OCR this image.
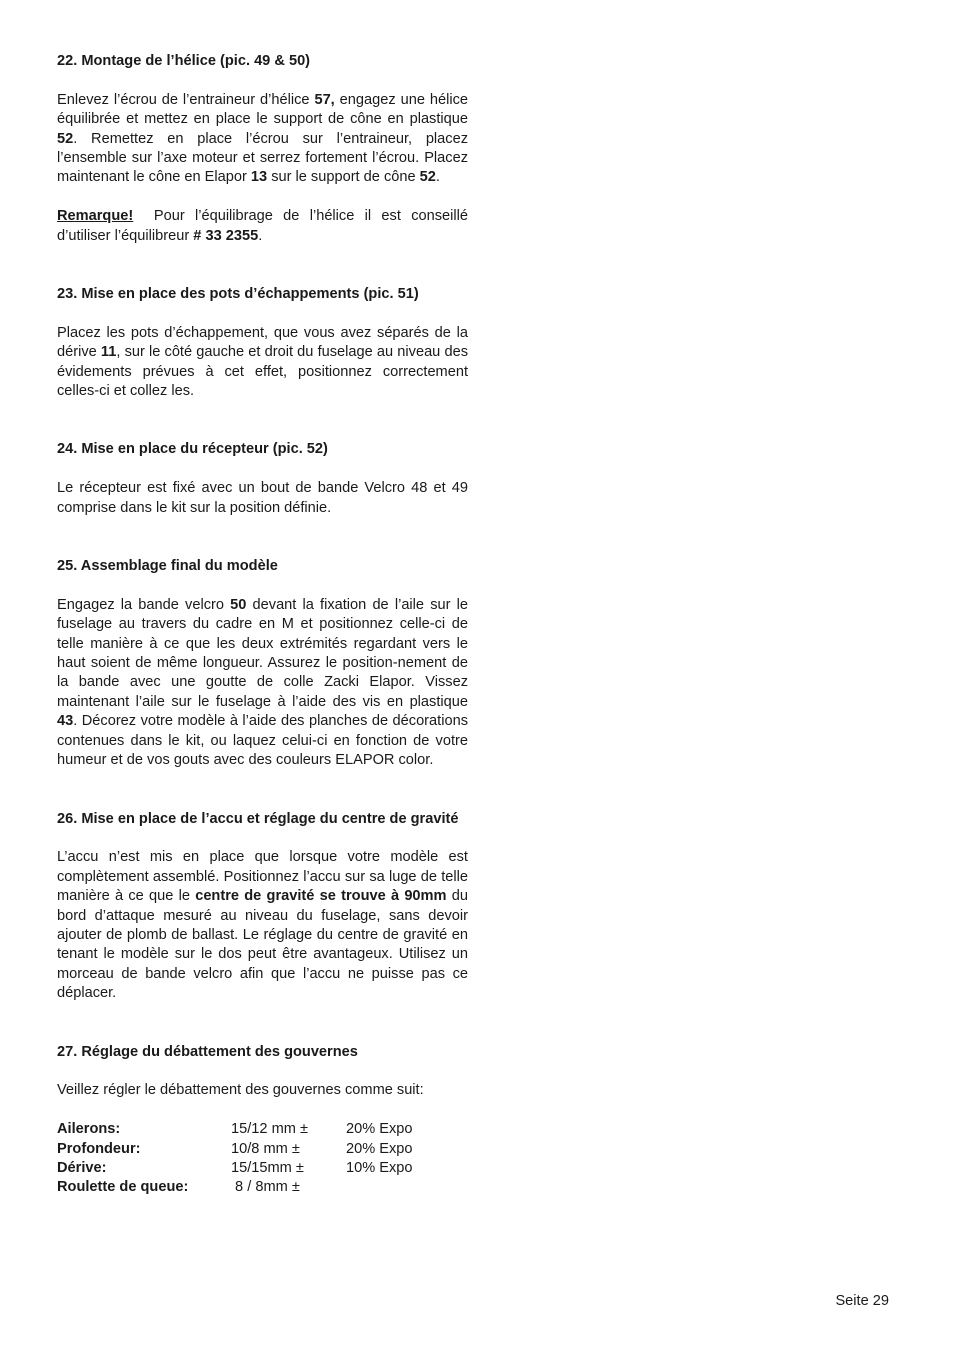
22. Montage de l’hélice (pic. 49 & 50)

Enlevez l’écrou de l’entraineur d’hélice 57, engagez une hélice équilibrée et mettez en place le support de cône en plastique 52. Remettez en place l’écrou sur l’entraineur, placez l’ensemble sur l’axe moteur et serrez fortement l’écrou. Placez maintenant le cône en Elapor 13 sur le support de cône 52.

Remarque!  Pour l’équilibrage de l’hélice il est conseillé d’utiliser l’équilibreur # 33 2355.

23. Mise en place des pots d’échappements (pic. 51)

Placez les pots d’échappement, que vous avez séparés de la dérive 11, sur le côté gauche et droit du fuselage au niveau des évidements prévues à cet effet, positionnez correctement celles-ci et collez les.

24. Mise en place du récepteur (pic. 52)

Le récepteur est fixé avec un bout de bande Velcro 48 et 49 comprise dans le kit sur la position définie.

25. Assemblage final du modèle

Engagez la bande velcro 50 devant la fixation de l’aile sur le fuselage au travers du cadre en M et positionnez celle-ci de telle manière à ce que les deux extrémités regardant vers le haut soient de même longueur. Assurez le position-nement de la bande avec une goutte de colle Zacki Elapor. Vissez maintenant l’aile sur le fuselage à l’aide des vis en plastique 43. Décorez votre modèle à l’aide des planches de décorations contenues dans le kit, ou laquez celui-ci en fonction de votre humeur et de vos gouts avec des couleurs ELAPOR color.

26. Mise en place de l’accu et réglage du centre de gravité

L’accu n’est mis en place que lorsque votre modèle est complètement assemblé. Positionnez l’accu sur sa luge de telle manière à ce que le centre de gravité se trouve à 90mm du bord d’attaque mesuré au niveau du fuselage, sans devoir ajouter de plomb de ballast. Le réglage du centre de gravité en tenant le modèle sur le dos peut être avantageux. Utilisez un morceau de bande velcro afin que l’accu ne puisse pas ce déplacer.

27. Réglage du débattement des gouvernes

Veillez régler le débattement des gouvernes comme suit:

Ailerons:	15/12 mm ±	20% Expo
Profondeur:	10/8 mm ±	20% Expo
Dérive:	15/15mm ±	10% Expo
Roulette de queue:	8 / 8mm ±	
Seite 29
